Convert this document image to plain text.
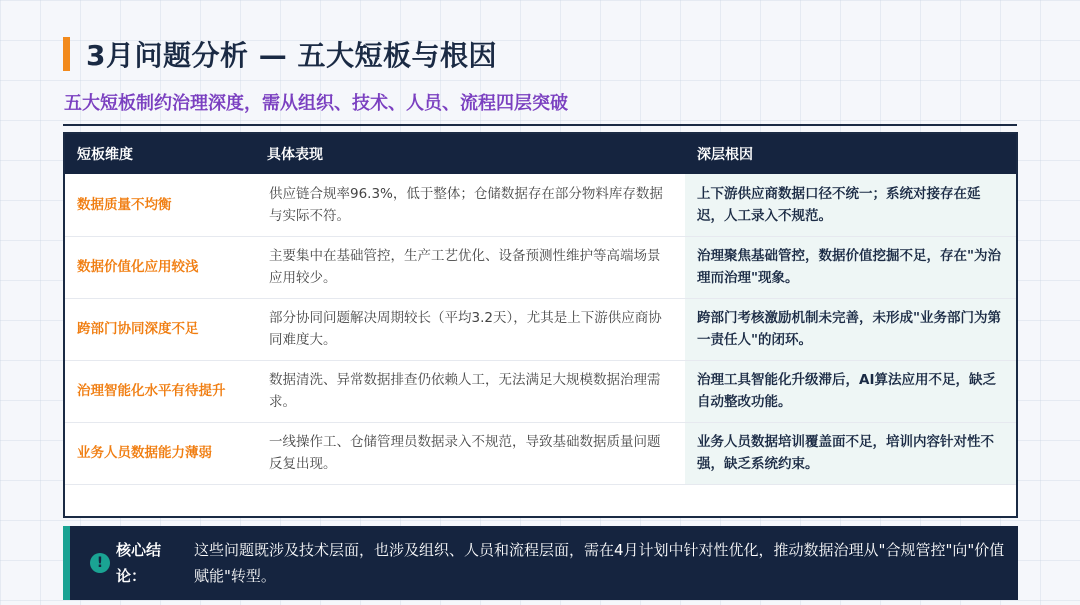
3月问题分析 — 五大短板与根因
五大短板制约治理深度，需从组织、技术、人员、流程四层突破
短板维度	具体表现	深层根因
数据质量不均衡	供应链合规率96.3%，低于整体；仓储数据存在部分物料库存数据与实际不符。	上下游供应商数据口径不统一；系统对接存在延迟，人工录入不规范。
数据价值化应用较浅	主要集中在基础管控，生产工艺优化、设备预测性维护等高端场景应用较少。	治理聚焦基础管控，数据价值挖掘不足，存在"为治理而治理"现象。
跨部门协同深度不足	部分协同问题解决周期较长（平均3.2天），尤其是上下游供应商协同难度大。	跨部门考核激励机制未完善，未形成"业务部门为第一责任人"的闭环。
治理智能化水平有待提升	数据清洗、异常数据排查仍依赖人工，无法满足大规模数据治理需求。	治理工具智能化升级滞后，AI算法应用不足，缺乏自动整改功能。
业务人员数据能力薄弱	一线操作工、仓储管理员数据录入不规范，导致基础数据质量问题反复出现。	业务人员数据培训覆盖面不足，培训内容针对性不强，缺乏系统约束。
!
核心结论：
这些问题既涉及技术层面，也涉及组织、人员和流程层面，需在4月计划中针对性优化，推动数据治理从"合规管控"向"价值赋能"转型。
